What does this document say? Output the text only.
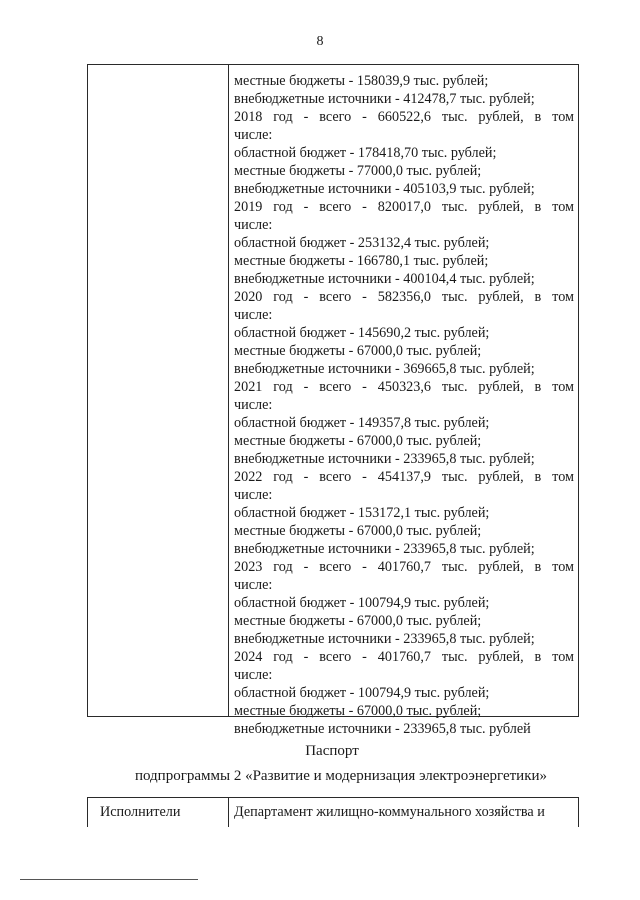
8
местные бюджеты - 158039,9 тыс. рублей;
внебюджетные источники - 412478,7 тыс. рублей;
2018 год - всего - 660522,6 тыс. рублей, в том
числе:
областной бюджет - 178418,70 тыс. рублей;
местные бюджеты - 77000,0 тыс. рублей;
внебюджетные источники - 405103,9 тыс. рублей;
2019 год - всего - 820017,0 тыс. рублей, в том
числе:
областной бюджет - 253132,4 тыс. рублей;
местные бюджеты - 166780,1 тыс. рублей;
внебюджетные источники - 400104,4 тыс. рублей;
2020 год - всего - 582356,0 тыс. рублей, в том
числе:
областной бюджет - 145690,2 тыс. рублей;
местные бюджеты - 67000,0 тыс. рублей;
внебюджетные источники - 369665,8 тыс. рублей;
2021 год - всего - 450323,6 тыс. рублей, в том
числе:
областной бюджет - 149357,8 тыс. рублей;
местные бюджеты - 67000,0 тыс. рублей;
внебюджетные источники - 233965,8 тыс. рублей;
2022 год - всего - 454137,9 тыс. рублей, в том
числе:
областной бюджет - 153172,1 тыс. рублей;
местные бюджеты - 67000,0 тыс. рублей;
внебюджетные источники - 233965,8 тыс. рублей;
2023 год - всего - 401760,7 тыс. рублей, в том
числе:
областной бюджет - 100794,9 тыс. рублей;
местные бюджеты - 67000,0 тыс. рублей;
внебюджетные источники - 233965,8 тыс. рублей;
2024 год - всего - 401760,7 тыс. рублей, в том
числе:
областной бюджет - 100794,9 тыс. рублей;
местные бюджеты - 67000,0 тыс. рублей;
внебюджетные источники - 233965,8 тыс. рублей
Паспорт
подпрограммы 2 «Развитие и модернизация электроэнергетики»
Исполнители	Департамент жилищно-коммунального хозяйства и
